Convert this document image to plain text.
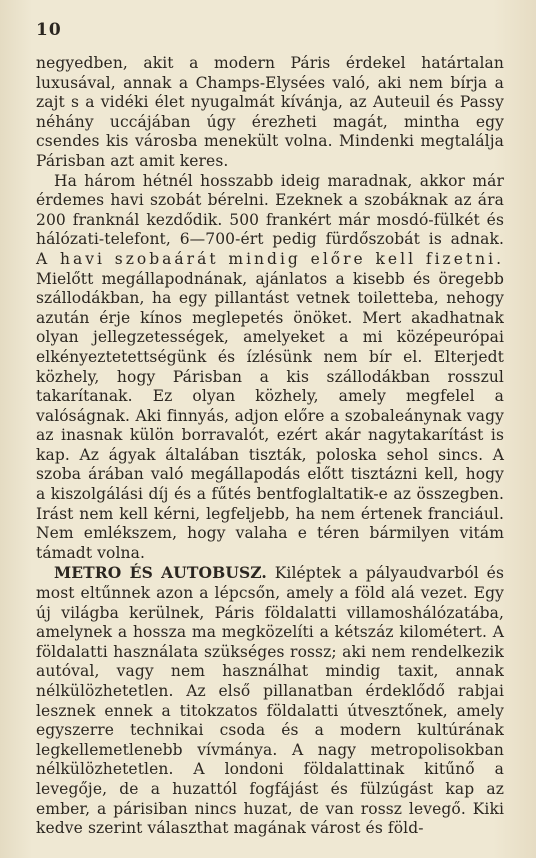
10

negyedben, akit a modern Páris érdekel határtalan luxusával, annak a Champs-Elysées való, aki nem bírja a zajt s a vidéki élet nyugalmát kívánja, az Auteuil és Passy néhány uccájában úgy érezheti magát, mintha egy csendes kis városba menekült volna. Mindenki megtalálja Párisban azt amit keres.

Ha három hétnél hosszabb ideig maradnak, akkor már érdemes havi szobát bérelni. Ezeknek a szobáknak az ára 200 franknál kezdődik. 500 frankért már mosdó-fülkét és hálózati-telefont, 6—700-ért pedig fürdőszobát is adnak. A havi szobaárát mindig előre kell fizetni. Mielőtt megállapodnának, ajánlatos a kisebb és öregebb szállodákban, ha egy pillantást vetnek toiletteba, nehogy azután érje kínos meglepetés önöket. Mert akadhatnak olyan jellegzetességek, amelyeket a mi középeurópai elkényeztetettségünk és ízlésünk nem bír el. Elterjedt közhely, hogy Párisban a kis szállodákban rosszul takarítanak. Ez olyan közhely, amely megfelel a valóságnak. Aki finnyás, adjon előre a szobaleánynak vagy az inasnak külön borravalót, ezért akár nagytakarítást is kap. Az ágyak általában tiszták, poloska sehol sincs. A szoba árában való megállapodás előtt tisztázni kell, hogy a kiszolgálási díj és a fűtés bentfoglaltatik-e az összegben. Irást nem kell kérni, legfeljebb, ha nem értenek franciául. Nem emlékszem, hogy valaha e téren bármilyen vitám támadt volna.

METRO ÉS AUTOBUSZ. Kiléptek a pályaudvarból és most eltűnnek azon a lépcsőn, amely a föld alá vezet. Egy új világba kerülnek, Páris földalatti villamoshálózatába, amelynek a hossza ma megközelíti a kétszáz kilométert. A földalatti használata szükséges rossz; aki nem rendelkezik autóval, vagy nem használhat mindig taxit, annak nélkülözhetetlen. Az első pillanatban érdeklődő rabjai lesznek ennek a titokzatos földalatti útvesztőnek, amely egyszerre technikai csoda és a modern kultúrának legkellemetlenebb vívmánya. A nagy metropolisokban nélkülözhetetlen. A londoni földalattinak kitűnő a levegője, de a huzattól fogfájást és fülzúgást kap az ember, a párisiban nincs huzat, de van rossz levegő. Kiki kedve szerint választhat magának várost és föld-
